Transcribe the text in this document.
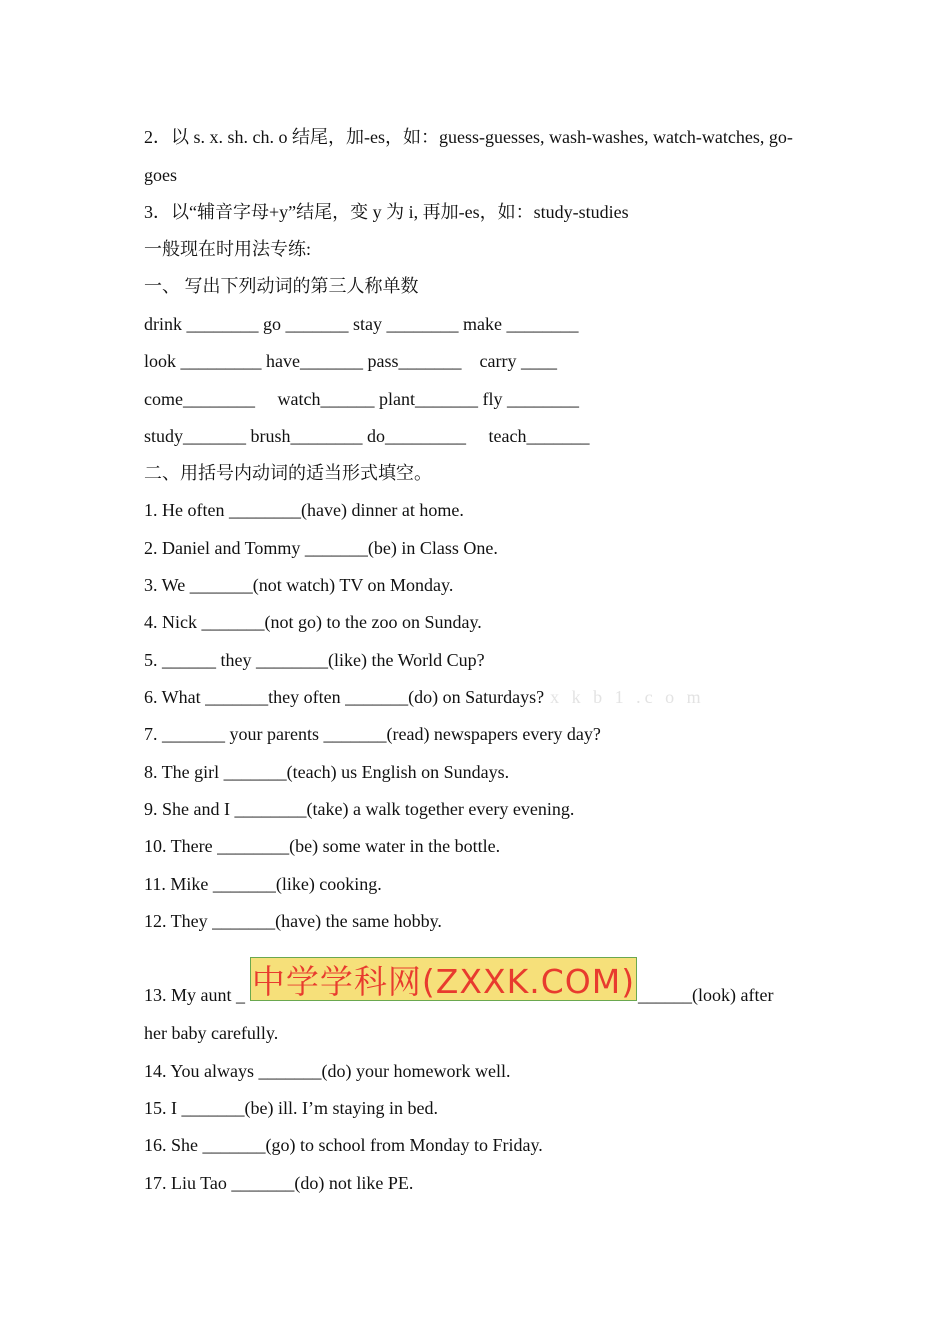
2．以 s. x. sh. ch. o 结尾，加-es，如：guess-guesses, wash-washes, watch-watches, go-
goes
3．以“辅音字母+y”结尾，变 y 为 i, 再加-es，如：study-studies
一般现在时用法专练:
一、 写出下列动词的第三人称单数
drink ________ go _______ stay ________ make ________
look _________ have_______ pass_______    carry ____
come________     watch______ plant_______ fly ________
study_______ brush________ do_________     teach_______
二、用括号内动词的适当形式填空。
1. He often ________(have) dinner at home.
2. Daniel and Tommy _______(be) in Class One.
3. We _______(not watch) TV on Monday.
4. Nick _______(not go) to the zoo on Sunday.
5. ______ they ________(like) the World Cup?
6. What _______they often _______(do) on Saturdays? x k b 1 .c o m
7. _______ your parents _______(read) newspapers every day?
8. The girl _______(teach) us English on Sundays.
9. She and I ________(take) a walk together every evening.
10. There ________(be) some water in the bottle.
11. Mike _______(like) cooking.
12. They _______(have) the same hobby.
13. My aunt _ 中学学科网(ZXXK.COM) ______(look) after
her baby carefully.
14. You always _______(do) your homework well.
15. I _______(be) ill. I’m staying in bed.
16. She _______(go) to school from Monday to Friday.
17. Liu Tao _______(do) not like PE.
